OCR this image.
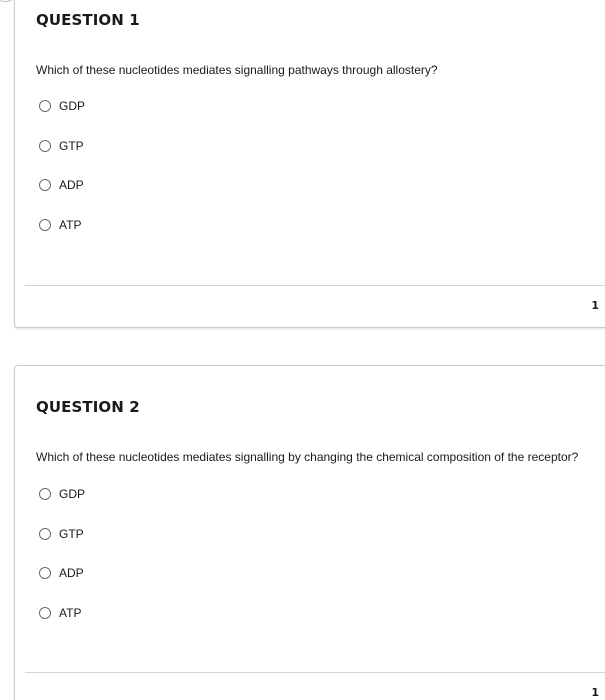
QUESTION 1

Which of these nucleotides mediates signalling pathways through allostery?

GDP
GTP
ADP
ATP
1
QUESTION 2

Which of these nucleotides mediates signalling by changing the chemical composition of the receptor?

GDP
GTP
ADP
ATP
1
